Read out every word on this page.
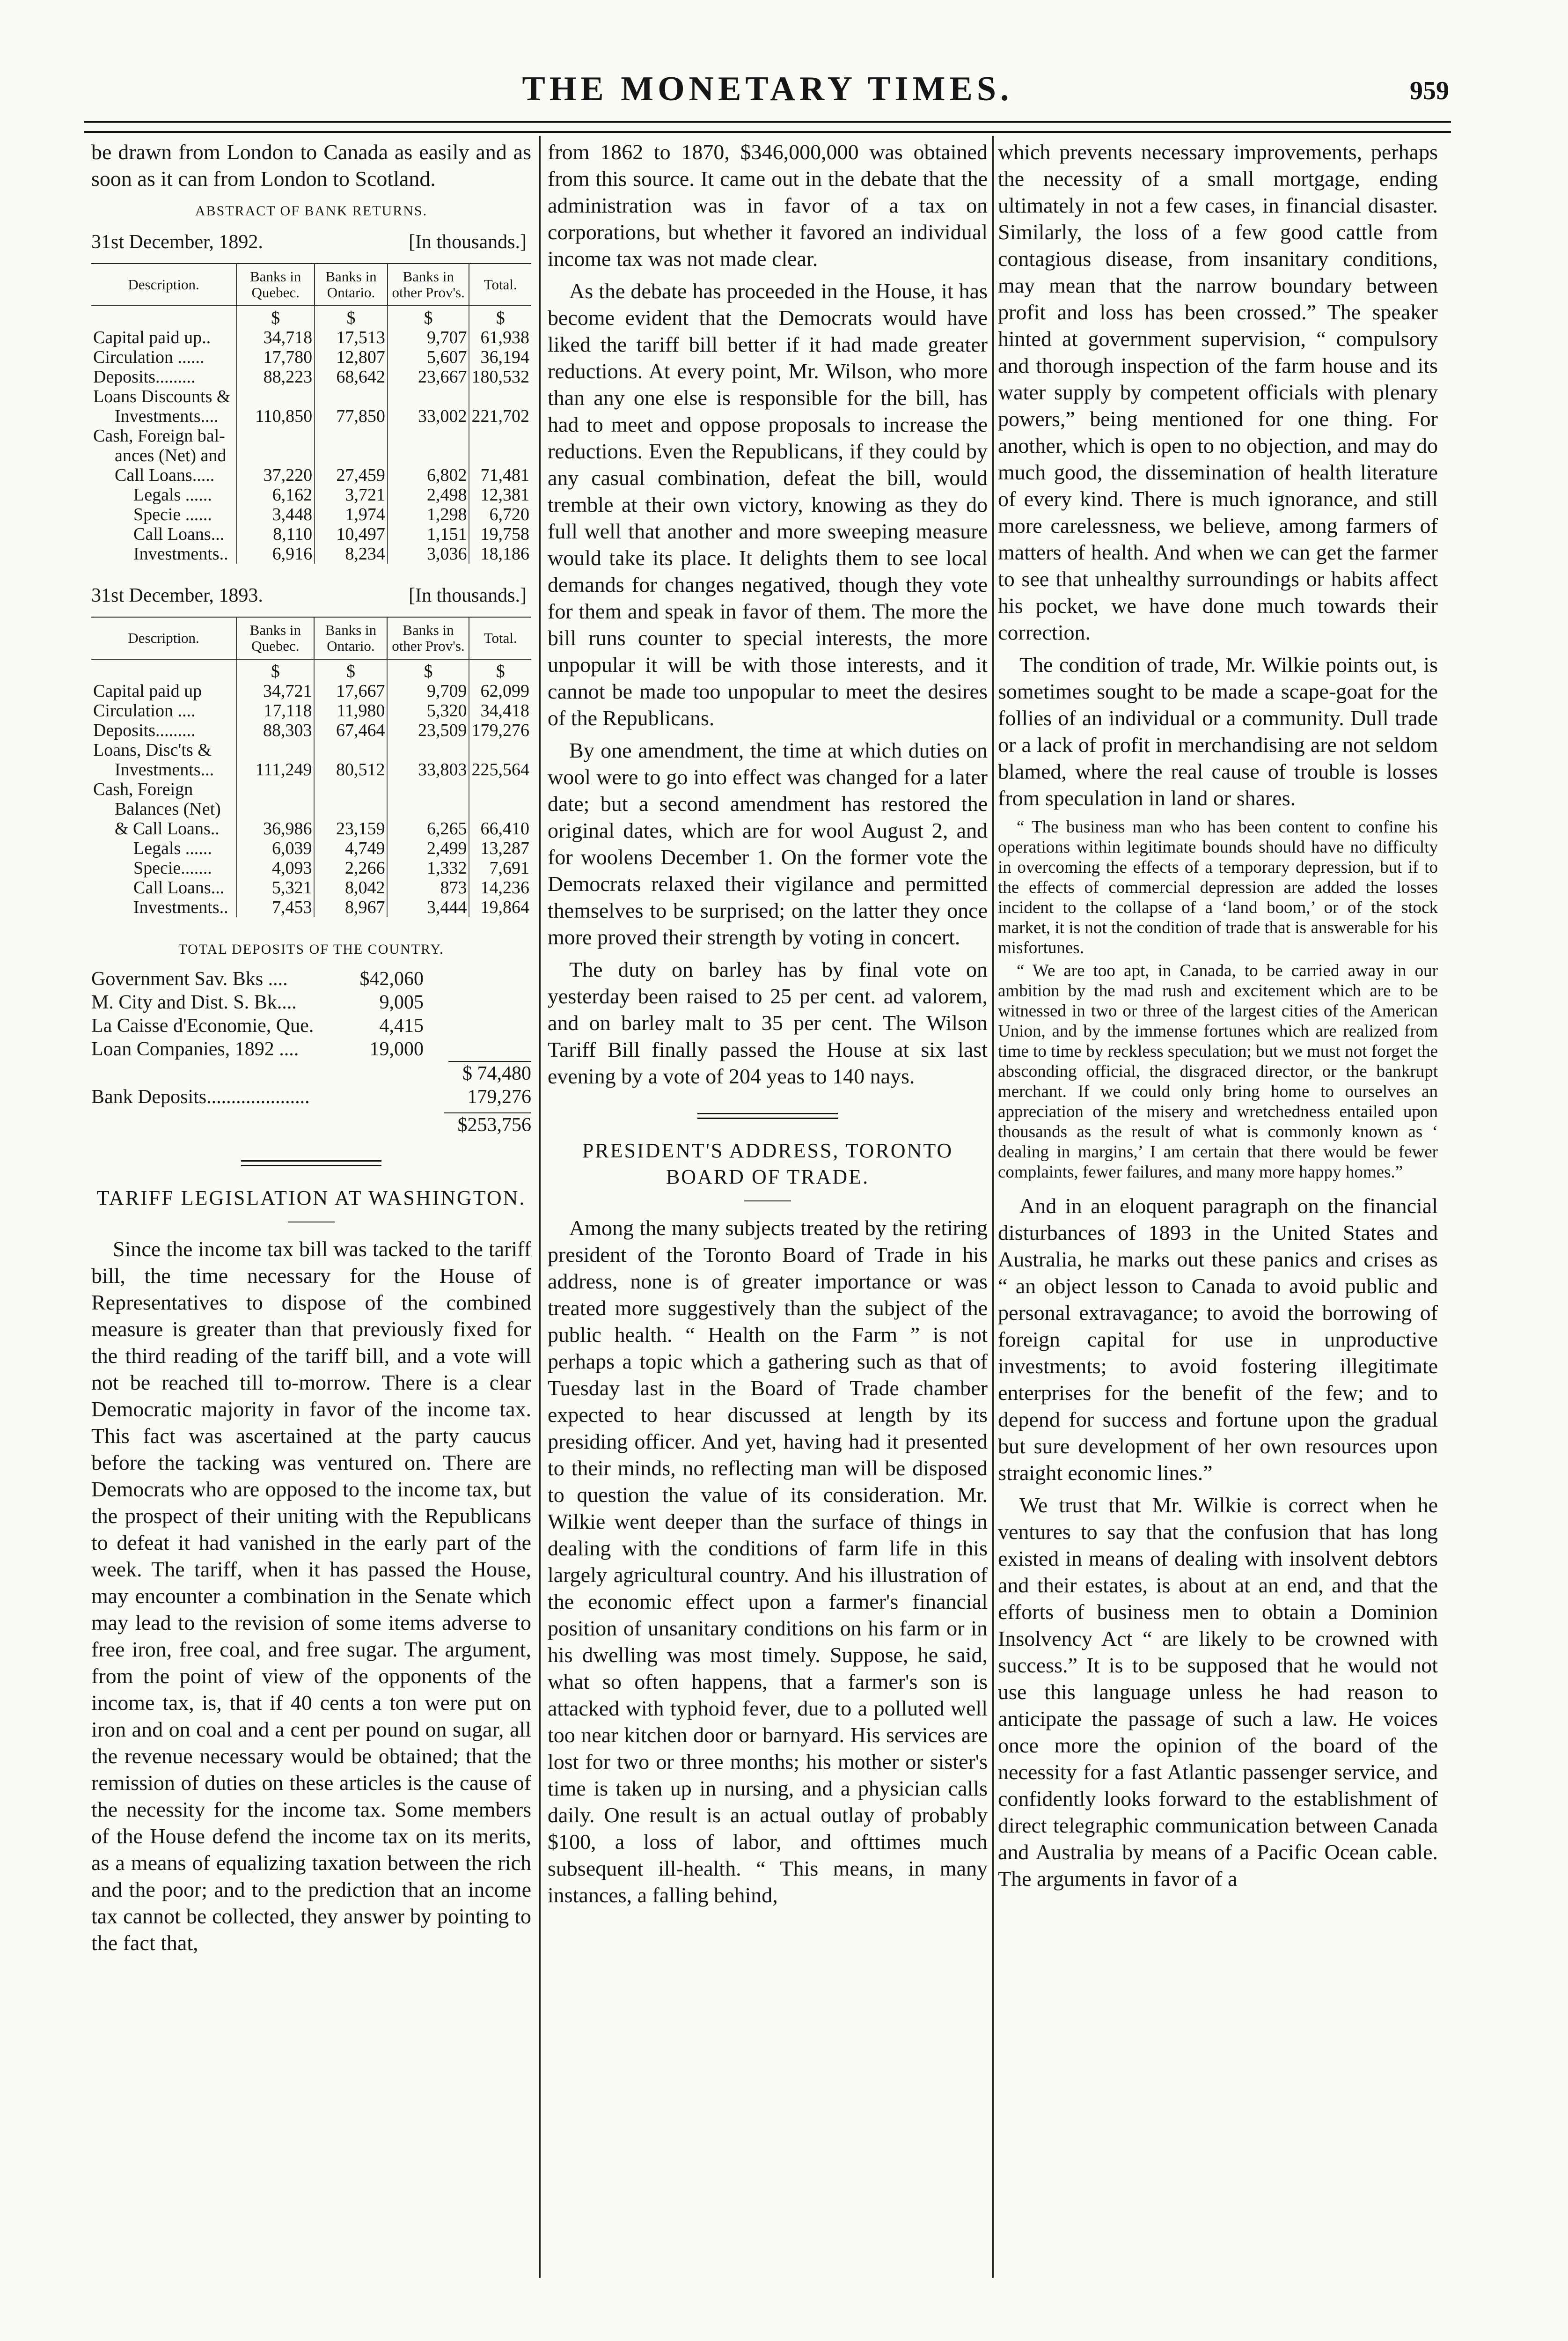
THE MONETARY TIMES.	959

be drawn from London to Canada as easily and as soon as it can from London to Scotland.

ABSTRACT OF BANK RETURNS.
31st December, 1892.	[In thousands.]
Description.	Banks in Quebec.	Banks in Ontario.	Banks in other Prov's.	Total.
	$	$	$	$
Capital paid up..	34,718	17,513	9,707	61,938
Circulation ......	17,780	12,807	5,607	36,194
Deposits.........	88,223	68,642	23,667	180,532
Loans Discounts &				
Investments....	110,850	77,850	33,002	221,702
Cash, Foreign bal-				
ances (Net) and				
Call Loans.....	37,220	27,459	6,802	71,481
Legals ......	6,162	3,721	2,498	12,381
Specie ......	3,448	1,974	1,298	6,720
Call Loans...	8,110	10,497	1,151	19,758
Investments..	6,916	8,234	3,036	18,186
31st December, 1893.	[In thousands.]
Description.	Banks in Quebec.	Banks in Ontario.	Banks in other Prov's.	Total.
	$	$	$	$
Capital paid up	34,721	17,667	9,709	62,099
Circulation ....	17,118	11,980	5,320	34,418
Deposits.........	88,303	67,464	23,509	179,276
Loans, Disc'ts &				
Investments...	111,249	80,512	33,803	225,564
Cash, Foreign				
Balances (Net)				
& Call Loans..	36,986	23,159	6,265	66,410
Legals ......	6,039	4,749	2,499	13,287
Specie.......	4,093	2,266	1,332	7,691
Call Loans...	5,321	8,042	873	14,236
Investments..	7,453	8,967	3,444	19,864
TOTAL DEPOSITS OF THE COUNTRY.
Government Sav. Bks ....	$42,060
M. City and Dist. S. Bk....	9,005
La Caisse d'Economie, Que.	4,415
Loan Companies, 1892 ....	19,000
$ 74,480
Bank Deposits.....................	179,276
$253,756
TARIFF LEGISLATION AT WASHINGTON.

Since the income tax bill was tacked to the tariff bill, the time necessary for the House of Representatives to dispose of the combined measure is greater than that previously fixed for the third reading of the tariff bill, and a vote will not be reached till to-morrow. There is a clear Democratic majority in favor of the income tax. This fact was ascertained at the party caucus before the tacking was ventured on. There are Democrats who are opposed to the income tax, but the prospect of their uniting with the Republicans to defeat it had vanished in the early part of the week. The tariff, when it has passed the House, may encounter a combination in the Senate which may lead to the revision of some items adverse to free iron, free coal, and free sugar. The argument, from the point of view of the opponents of the income tax, is, that if 40 cents a ton were put on iron and on coal and a cent per pound on sugar, all the revenue necessary would be obtained; that the remission of duties on these articles is the cause of the necessity for the income tax. Some members of the House defend the income tax on its merits, as a means of equalizing taxation between the rich and the poor; and to the prediction that an income tax cannot be collected, they answer by pointing to the fact that,

from 1862 to 1870, $346,000,000 was obtained from this source. It came out in the debate that the administration was in favor of a tax on corporations, but whether it favored an individual income tax was not made clear.

As the debate has proceeded in the House, it has become evident that the Democrats would have liked the tariff bill better if it had made greater reductions. At every point, Mr. Wilson, who more than any one else is responsible for the bill, has had to meet and oppose proposals to increase the reductions. Even the Republicans, if they could by any casual combination, defeat the bill, would tremble at their own victory, knowing as they do full well that another and more sweeping measure would take its place. It delights them to see local demands for changes negatived, though they vote for them and speak in favor of them. The more the bill runs counter to special interests, the more unpopular it will be with those interests, and it cannot be made too unpopular to meet the desires of the Republicans.

By one amendment, the time at which duties on wool were to go into effect was changed for a later date; but a second amendment has restored the original dates, which are for wool August 2, and for woolens December 1. On the former vote the Democrats relaxed their vigilance and permitted themselves to be surprised; on the latter they once more proved their strength by voting in concert.

The duty on barley has by final vote on yesterday been raised to 25 per cent. ad valorem, and on barley malt to 35 per cent. The Wilson Tariff Bill finally passed the House at six last evening by a vote of 204 yeas to 140 nays.

PRESIDENT'S ADDRESS, TORONTO BOARD OF TRADE.

Among the many subjects treated by the retiring president of the Toronto Board of Trade in his address, none is of greater importance or was treated more suggestively than the subject of the public health. “ Health on the Farm ” is not perhaps a topic which a gathering such as that of Tuesday last in the Board of Trade chamber expected to hear discussed at length by its presiding officer. And yet, having had it presented to their minds, no reflecting man will be disposed to question the value of its consideration. Mr. Wilkie went deeper than the surface of things in dealing with the conditions of farm life in this largely agricultural country. And his illustration of the economic effect upon a farmer's financial position of unsanitary conditions on his farm or in his dwelling was most timely. Suppose, he said, what so often happens, that a farmer's son is attacked with typhoid fever, due to a polluted well too near kitchen door or barnyard. His services are lost for two or three months; his mother or sister's time is taken up in nursing, and a physician calls daily. One result is an actual outlay of probably $100, a loss of labor, and ofttimes much subsequent ill-health. “ This means, in many instances, a falling behind,

which prevents necessary improvements, perhaps the necessity of a small mortgage, ending ultimately in not a few cases, in financial disaster. Similarly, the loss of a few good cattle from contagious disease, from insanitary conditions, may mean that the narrow boundary between profit and loss has been crossed.” The speaker hinted at government supervision, “ compulsory and thorough inspection of the farm house and its water supply by competent officials with plenary powers,” being mentioned for one thing. For another, which is open to no objection, and may do much good, the dissemination of health literature of every kind. There is much ignorance, and still more carelessness, we believe, among farmers of matters of health. And when we can get the farmer to see that unhealthy surroundings or habits affect his pocket, we have done much towards their correction.

The condition of trade, Mr. Wilkie points out, is sometimes sought to be made a scape-goat for the follies of an individual or a community. Dull trade or a lack of profit in merchandising are not seldom blamed, where the real cause of trouble is losses from speculation in land or shares.

“ The business man who has been content to confine his operations within legitimate bounds should have no difficulty in overcoming the effects of a temporary depression, but if to the effects of commercial depression are added the losses incident to the collapse of a ‘land boom,’ or of the stock market, it is not the condition of trade that is answerable for his misfortunes.

“ We are too apt, in Canada, to be carried away in our ambition by the mad rush and excitement which are to be witnessed in two or three of the largest cities of the American Union, and by the immense fortunes which are realized from time to time by reckless speculation; but we must not forget the absconding official, the disgraced director, or the bankrupt merchant. If we could only bring home to ourselves an appreciation of the misery and wretchedness entailed upon thousands as the result of what is commonly known as ‘ dealing in margins,’ I am certain that there would be fewer complaints, fewer failures, and many more happy homes.”

And in an eloquent paragraph on the financial disturbances of 1893 in the United States and Australia, he marks out these panics and crises as “ an object lesson to Canada to avoid public and personal extravagance; to avoid the borrowing of foreign capital for use in unproductive investments; to avoid fostering illegitimate enterprises for the benefit of the few; and to depend for success and fortune upon the gradual but sure development of her own resources upon straight economic lines.”

We trust that Mr. Wilkie is correct when he ventures to say that the confusion that has long existed in means of dealing with insolvent debtors and their estates, is about at an end, and that the efforts of business men to obtain a Dominion Insolvency Act “ are likely to be crowned with success.” It is to be supposed that he would not use this language unless he had reason to anticipate the passage of such a law. He voices once more the opinion of the board of the necessity for a fast Atlantic passenger service, and confidently looks forward to the establishment of direct telegraphic communication between Canada and Australia by means of a Pacific Ocean cable. The arguments in favor of a
